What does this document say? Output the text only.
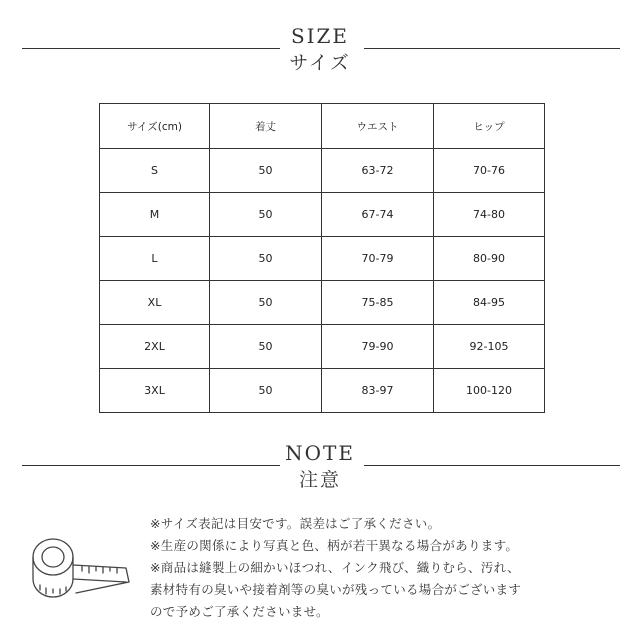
SIZE
サイズ
サイズ(cm)	着丈	ウエスト	ヒップ
S	50	63-72	70-76
M	50	67-74	74-80
L	50	70-79	80-90
XL	50	75-85	84-95
2XL	50	79-90	92-105
3XL	50	83-97	100-120
NOTE
注意
※サイズ表記は目安です。誤差はご了承ください。
※生産の関係により写真と色、柄が若干異なる場合があります。
※商品は縫製上の細かいほつれ、インク飛び、織りむら、汚れ、
素材特有の臭いや接着剤等の臭いが残っている場合がございます
ので予めご了承くださいませ。
